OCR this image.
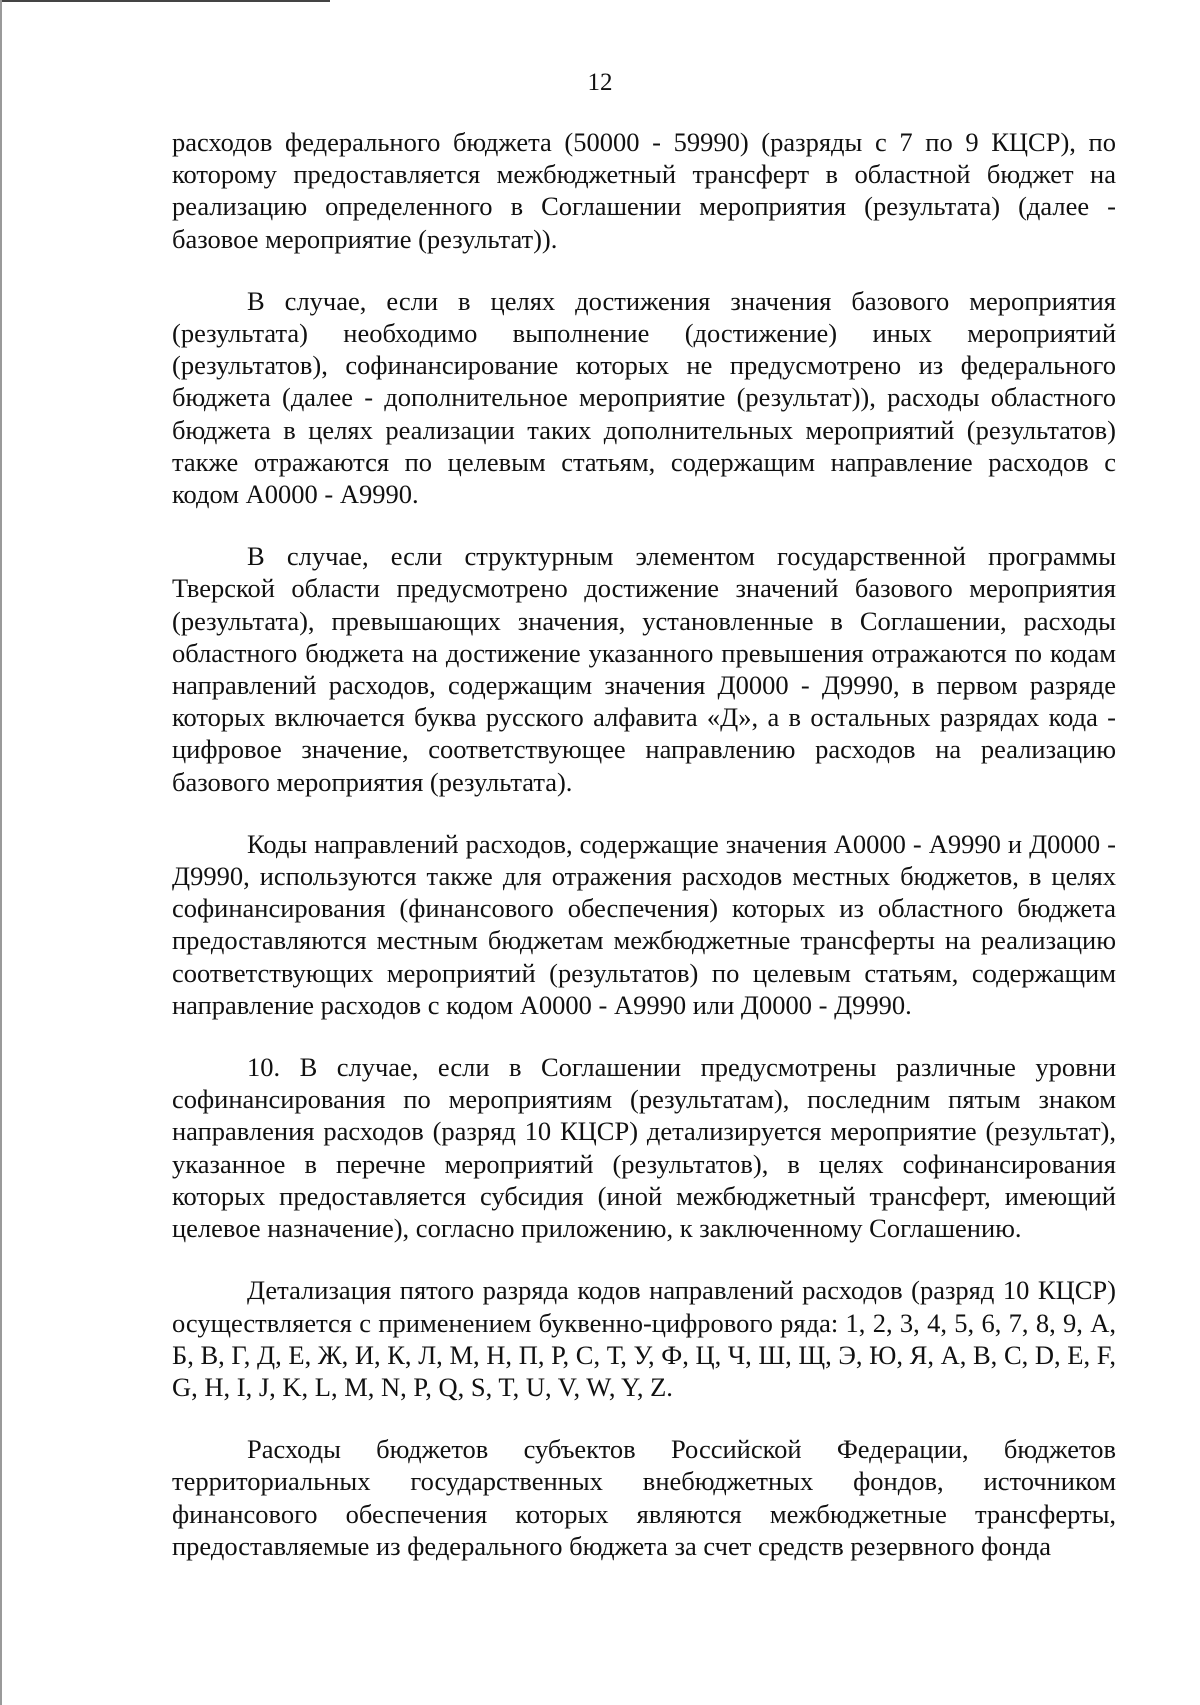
12

расходов федерального бюджета (50000 - 59990) (разряды с 7 по 9 КЦСР), по которому предоставляется межбюджетный трансферт в областной бюджет на реализацию определенного в Соглашении мероприятия (результата) (далее - базовое мероприятие (результат)).

В случае, если в целях достижения значения базового мероприятия (результата) необходимо выполнение (достижение) иных мероприятий (результатов), софинансирование которых не предусмотрено из федерального бюджета (далее - дополнительное мероприятие (результат)), расходы областного бюджета в целях реализации таких дополнительных мероприятий (результатов) также отражаются по целевым статьям, содержащим направление расходов с кодом А0000 - А9990.

В случае, если структурным элементом государственной программы Тверской области предусмотрено достижение значений базового мероприятия (результата), превышающих значения, установленные в Соглашении, расходы областного бюджета на достижение указанного превышения отражаются по кодам направлений расходов, содержащим значения Д0000 - Д9990, в первом разряде которых включается буква русского алфавита «Д», а в остальных разрядах кода - цифровое значение, соответствующее направлению расходов на реализацию базового мероприятия (результата).

Коды направлений расходов, содержащие значения А0000 - А9990 и Д0000 - Д9990, используются также для отражения расходов местных бюджетов, в целях софинансирования (финансового обеспечения) которых из областного бюджета предоставляются местным бюджетам межбюджетные трансферты на реализацию соответствующих мероприятий (результатов) по целевым статьям, содержащим направление расходов с кодом А0000 - А9990 или Д0000 - Д9990.

10. В случае, если в Соглашении предусмотрены различные уровни софинансирования по мероприятиям (результатам), последним пятым знаком направления расходов (разряд 10 КЦСР) детализируется мероприятие (результат), указанное в перечне мероприятий (результатов), в целях софинансирования которых предоставляется субсидия (иной межбюджетный трансферт, имеющий целевое назначение), согласно приложению, к заключенному Соглашению.

Детализация пятого разряда кодов направлений расходов (разряд 10 КЦСР) осуществляется с применением буквенно-цифрового ряда: 1, 2, 3, 4, 5, 6, 7, 8, 9, А, Б, В, Г, Д, Е, Ж, И, К, Л, М, Н, П, Р, С, Т, У, Ф, Ц, Ч, Ш, Щ, Э, Ю, Я, A, B, C, D, E, F, G, H, I, J, K, L, M, N, P, Q, S, T, U, V, W, Y, Z.

Расходы бюджетов субъектов Российской Федерации, бюджетов территориальных государственных внебюджетных фондов, источником финансового обеспечения которых являются межбюджетные трансферты, предоставляемые из федерального бюджета за счет средств резервного фонда
